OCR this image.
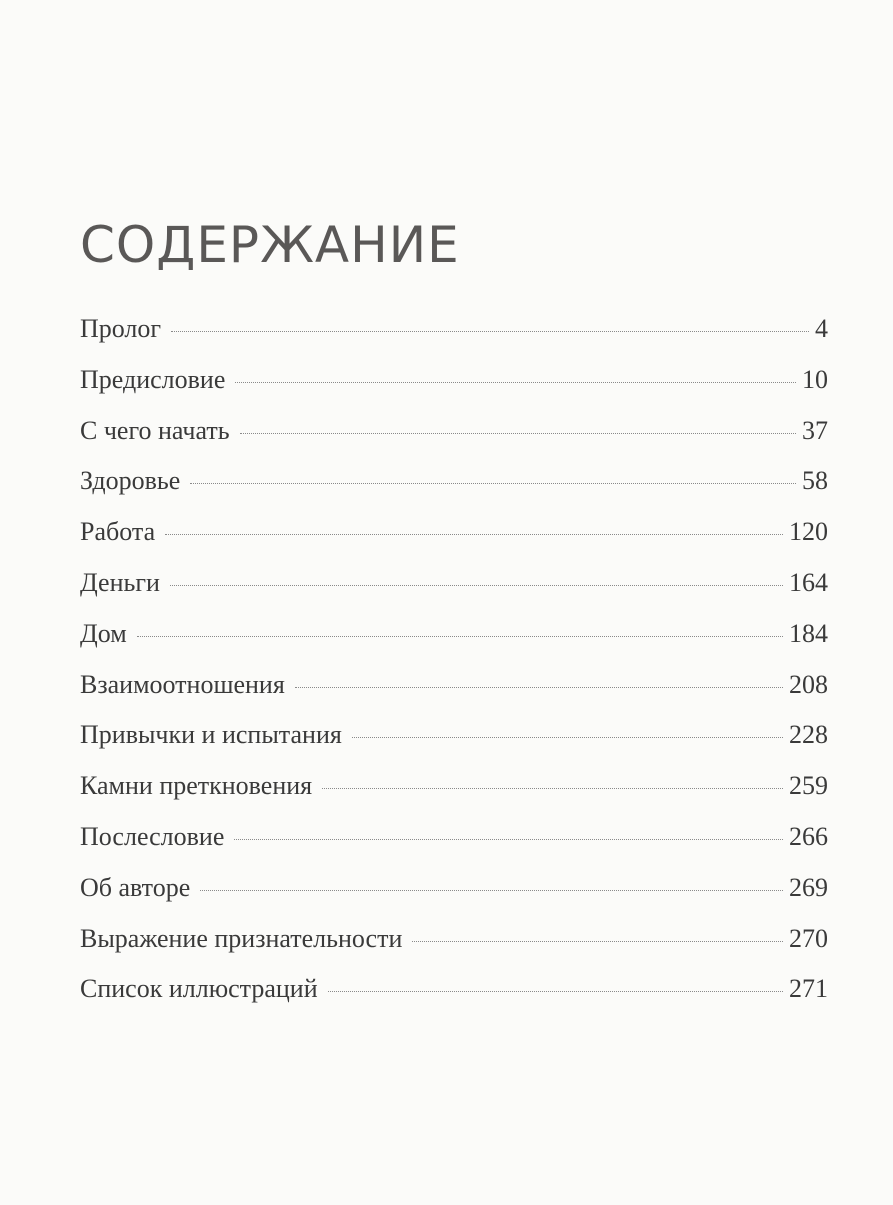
СОДЕРЖАНИЕ
Пролог	4
Предисловие	10
С чего начать	37
Здоровье	58
Работа	120
Деньги	164
Дом	184
Взаимоотношения	208
Привычки и испытания	228
Камни преткновения	259
Послесловие	266
Об авторе	269
Выражение признательности	270
Список иллюстраций	271
